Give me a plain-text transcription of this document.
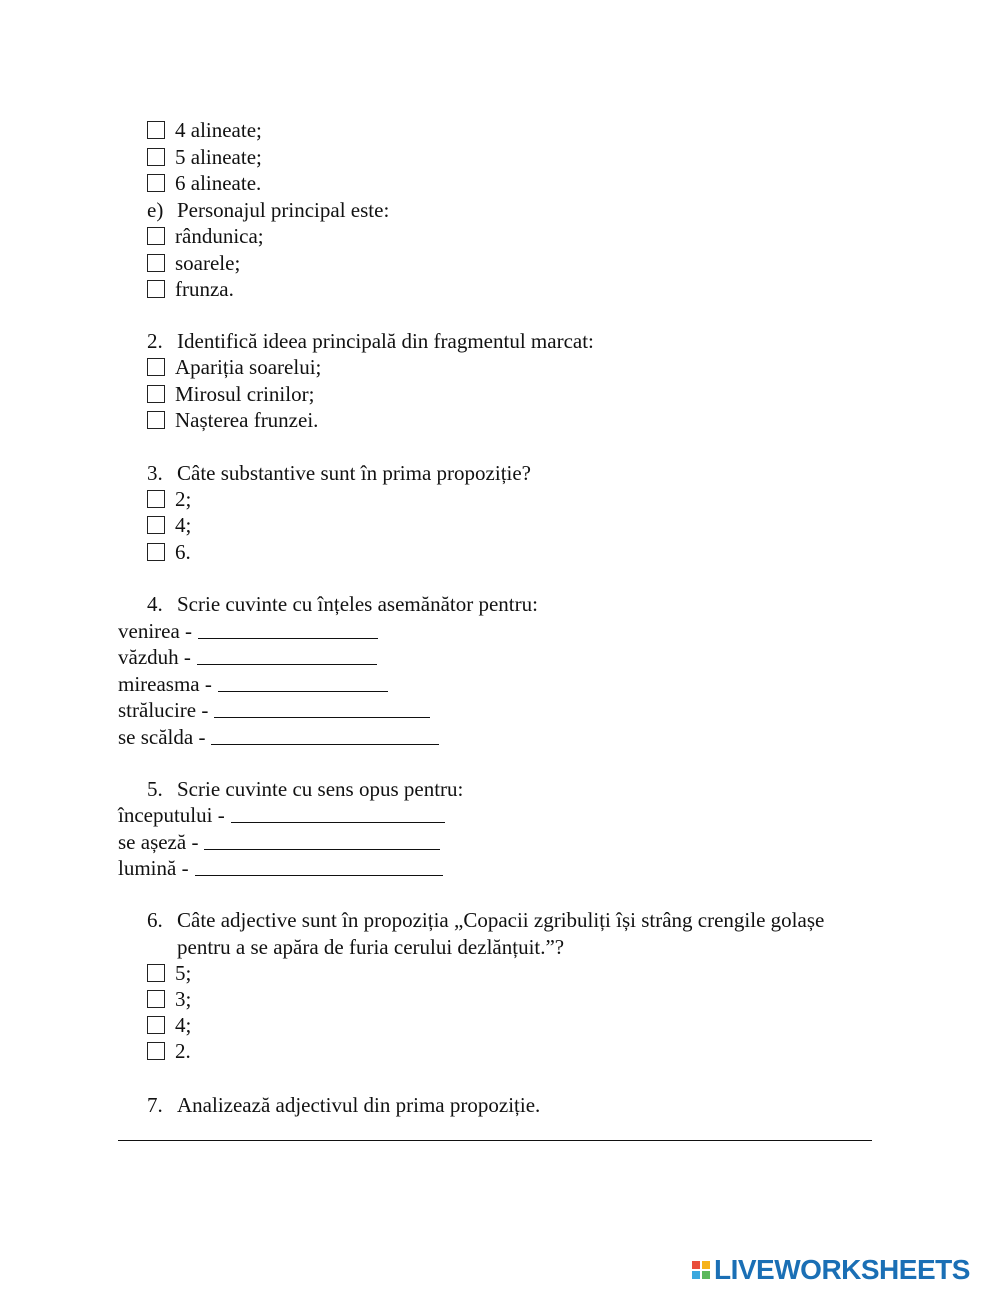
4 alineate;
5 alineate;
6 alineate.
e) Personajul principal este:
rândunica;
soarele;
frunza.
2. Identifică ideea principală din fragmentul marcat:
Apariția soarelui;
Mirosul crinilor;
Nașterea frunzei.
3. Câte substantive sunt în prima propoziție?
2;
4;
6.
4. Scrie cuvinte cu înțeles asemănător pentru:
venirea -
văzduh -
mireasma -
strălucire -
se scălda -
5. Scrie cuvinte cu sens opus pentru:
începutului -
se așeză -
lumină -
6. Câte adjective sunt în propoziția „Copacii zgribuliți își strâng crengile golașe
pentru a se apăra de furia cerului dezlănțuit.”?
5;
3;
4;
2.
7. Analizează adjectivul din prima propoziție.
LIVEWORKSHEETS
